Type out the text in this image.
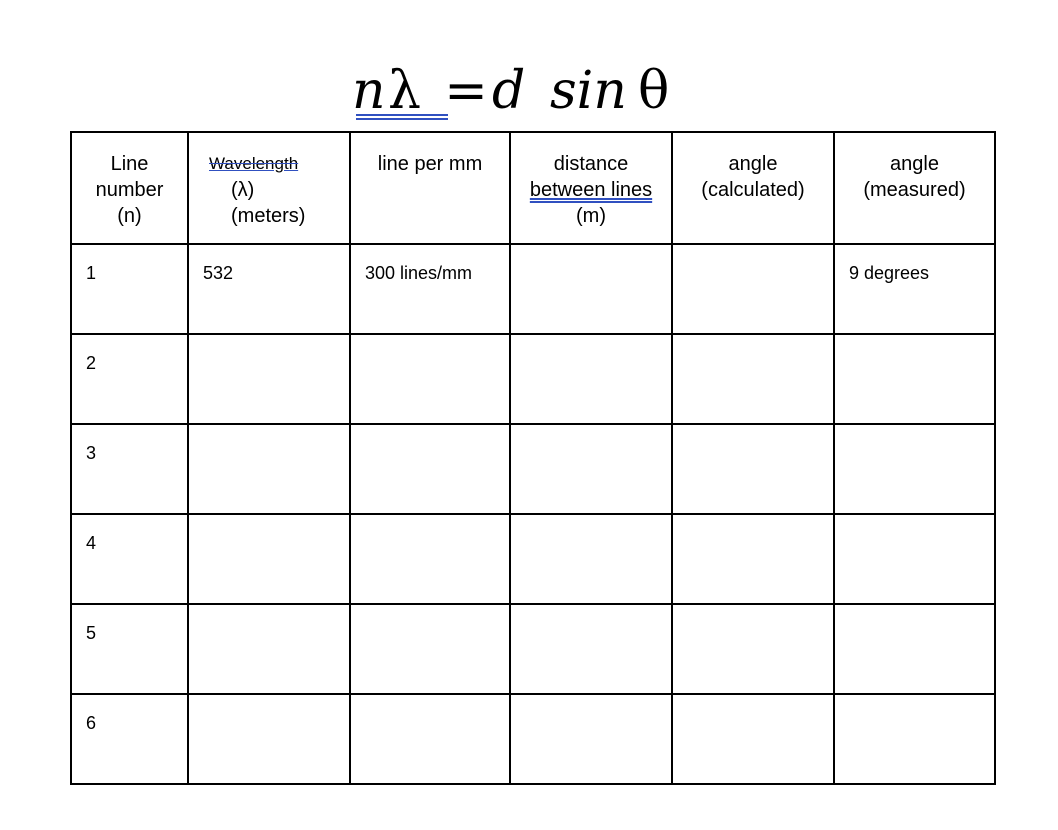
nλ =d sin θ
Line
number
(n)	Wavelength
(λ)
(meters)	line per mm	distance
between lines
(m)	angle
(calculated)	angle
(measured)

1	532	300 lines/mm			9 degrees
2					
3					
4					
5					
6					
